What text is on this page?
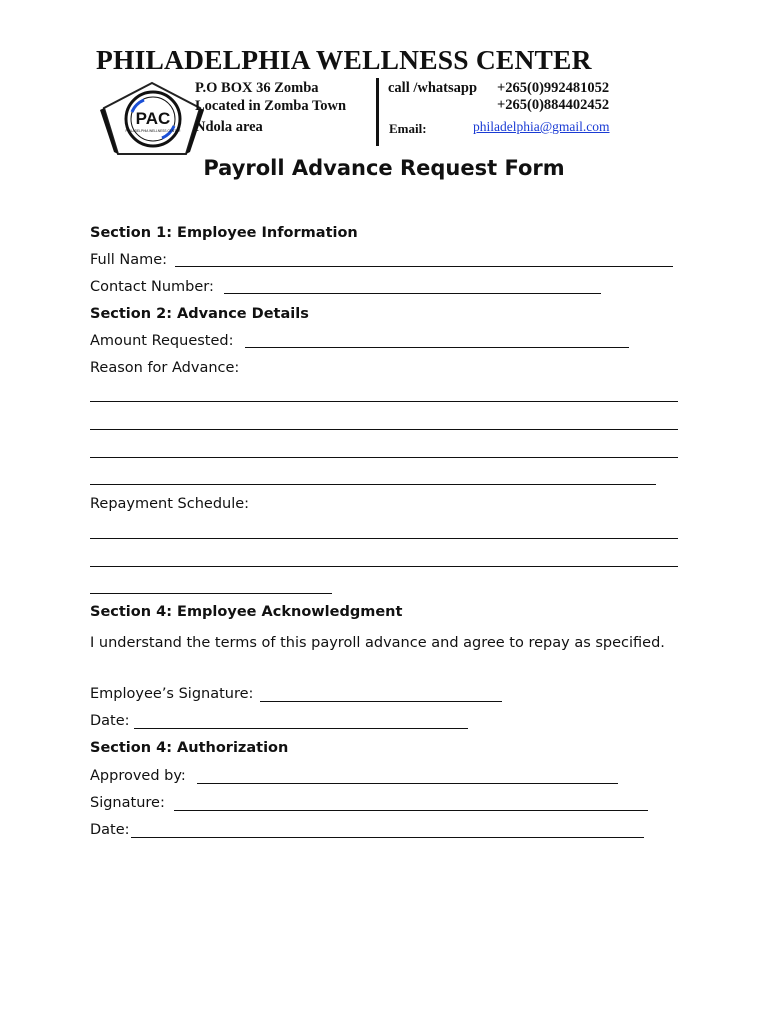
PHILADELPHIA WELLNESS CENTER
PAC
PHILADELPHIA WELLNESS CENTER
P.O BOX 36 Zomba
Located in Zomba Town
Ndola area
call /whatsapp +265(0)992481052
+265(0)884402452
Email:	philadelphia@gmail.com
Payroll Advance Request Form
Section 1: Employee Information
Full Name:
Contact Number:
Section 2: Advance Details
Amount Requested:
Reason for Advance:
Repayment Schedule:
Section 4: Employee Acknowledgment
I understand the terms of this payroll advance and agree to repay as specified.
Employee’s Signature:
Date:
Section 4: Authorization
Approved by:
Signature:
Date:
